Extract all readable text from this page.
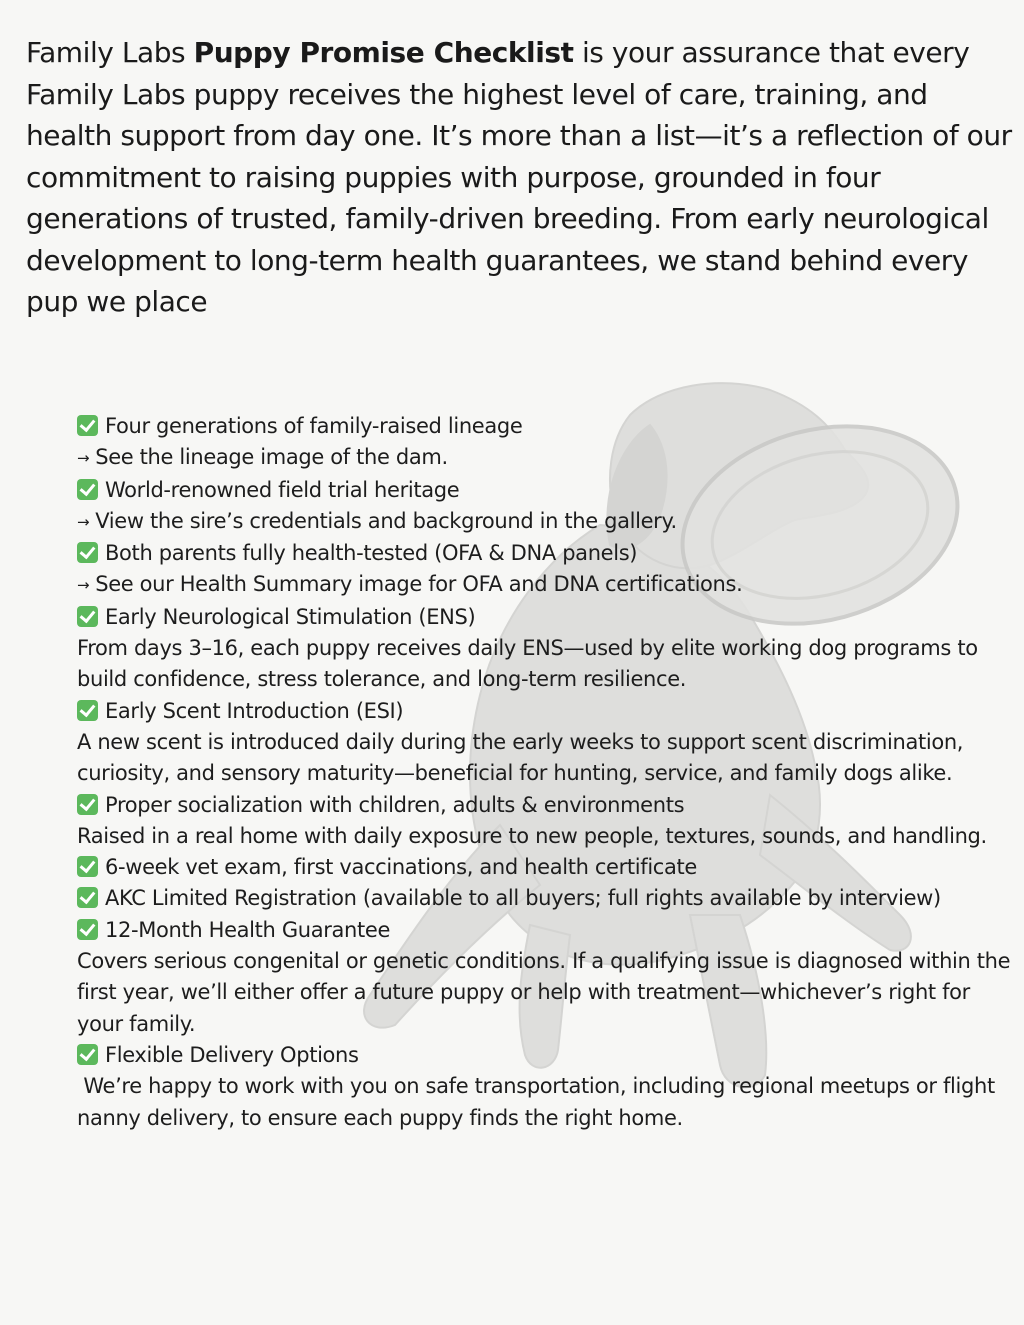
Family Labs Puppy Promise Checklist is your assurance that every Family Labs puppy receives the highest level of care, training, and health support from day one. It’s more than a list—it’s a reflection of our commitment to raising puppies with purpose, grounded in four generations of trusted, family-driven breeding. From early neurological development to long-term health guarantees, we stand behind every pup we place

Four generations of family-raised lineage
→ See the lineage image of the dam.
World-renowned field trial heritage
→ View the sire’s credentials and background in the gallery.
Both parents fully health-tested (OFA & DNA panels)
→ See our Health Summary image for OFA and DNA certifications.
Early Neurological Stimulation (ENS)
From days 3–16, each puppy receives daily ENS—used by elite working dog programs to build confidence, stress tolerance, and long-term resilience.
Early Scent Introduction (ESI)
A new scent is introduced daily during the early weeks to support scent discrimination, curiosity, and sensory maturity—beneficial for hunting, service, and family dogs alike.
Proper socialization with children, adults & environments
Raised in a real home with daily exposure to new people, textures, sounds, and handling.
6-week vet exam, first vaccinations, and health certificate
AKC Limited Registration (available to all buyers; full rights available by interview)
12-Month Health Guarantee
Covers serious congenital or genetic conditions. If a qualifying issue is diagnosed within the first year, we’ll either offer a future puppy or help with treatment—whichever’s right for your family.
Flexible Delivery Options
We’re happy to work with you on safe transportation, including regional meetups or flight nanny delivery, to ensure each puppy finds the right home.
